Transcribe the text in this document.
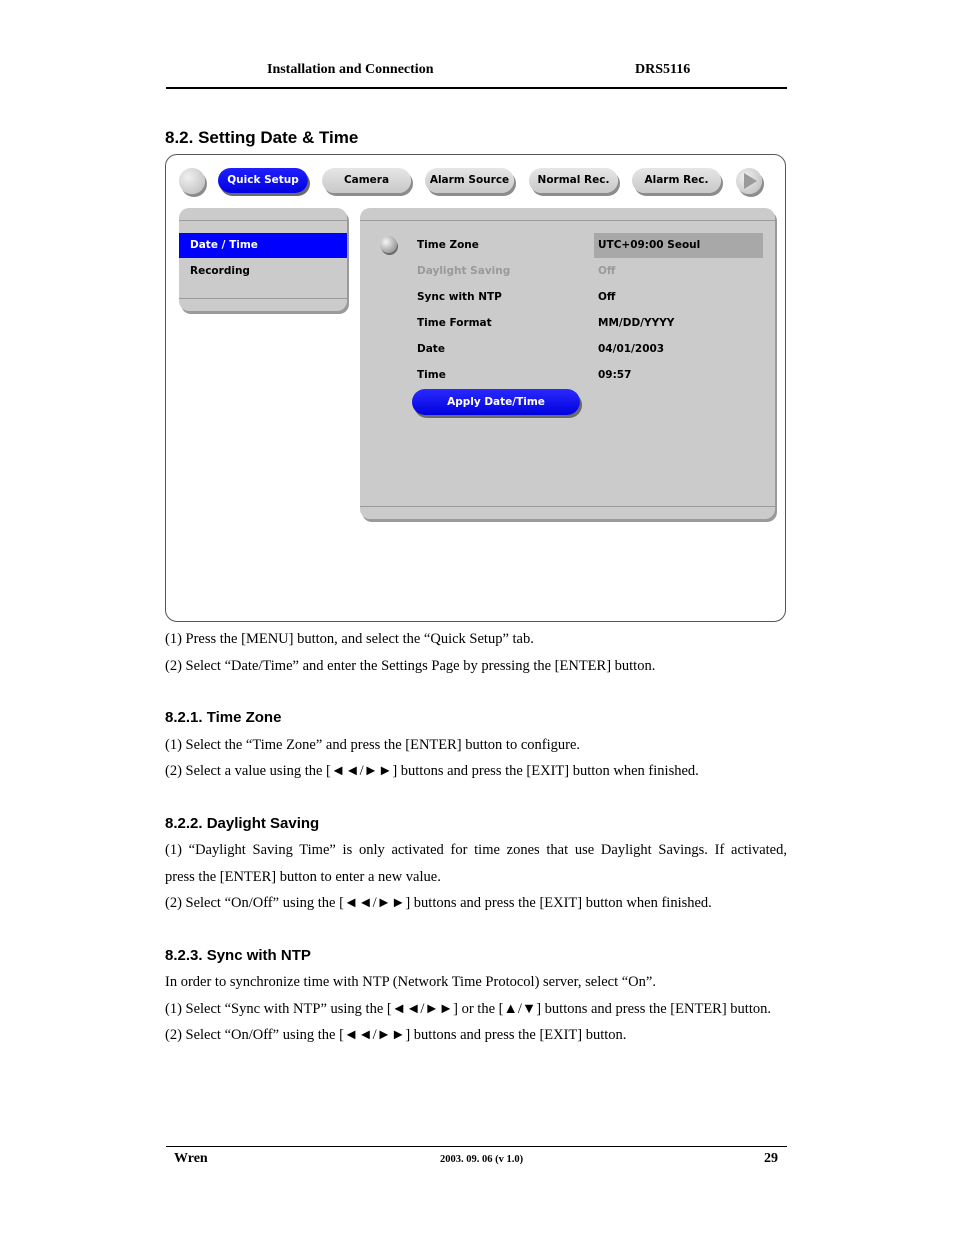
Installation and Connection	DRS5116
8.2. Setting Date & Time
Quick Setup	Camera	Alarm Source	Normal Rec.	Alarm Rec.
Date / Time
Recording
Time Zone	UTC+09:00 Seoul
Daylight Saving	Off
Sync with NTP	Off
Time Format	MM/DD/YYYY
Date	04/01/2003
Time	09:57
Apply Date/Time
(1) Press the [MENU] button, and select the “Quick Setup” tab.
(2) Select “Date/Time” and enter the Settings Page by pressing the [ENTER] button.
8.2.1. Time Zone
(1) Select the “Time Zone” and press the [ENTER] button to configure.
(2) Select a value using the [◄◄/►►] buttons and press the [EXIT] button when finished.
8.2.2. Daylight Saving
(1) “Daylight Saving Time” is only activated for time zones that use Daylight Savings. If activated,
press the [ENTER] button to enter a new value.
(2) Select “On/Off” using the [◄◄/►►] buttons and press the [EXIT] button when finished.
8.2.3. Sync with NTP
In order to synchronize time with NTP (Network Time Protocol) server, select “On”.
(1) Select “Sync with NTP” using the [◄◄/►►] or the [▲/▼] buttons and press the [ENTER] button.
(2) Select “On/Off” using the [◄◄/►►] buttons and press the [EXIT] button.
Wren	2003. 09. 06 (v 1.0)	29
